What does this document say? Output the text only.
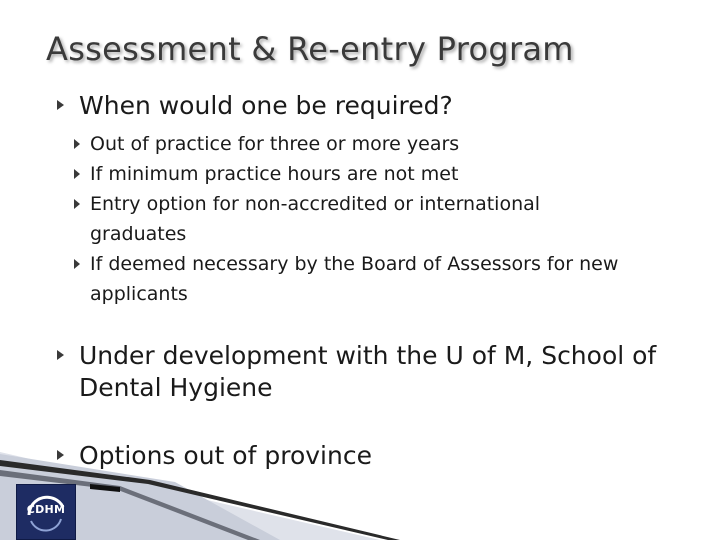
Assessment & Re-entry Program
When would one be required?
Out of practice for three or more years
If minimum practice hours are not met
Entry option for non-accredited or international graduates
If deemed necessary by the Board of Assessors for new applicants
Under development with the U of M, School of Dental Hygiene
Options out of province
CDHM
